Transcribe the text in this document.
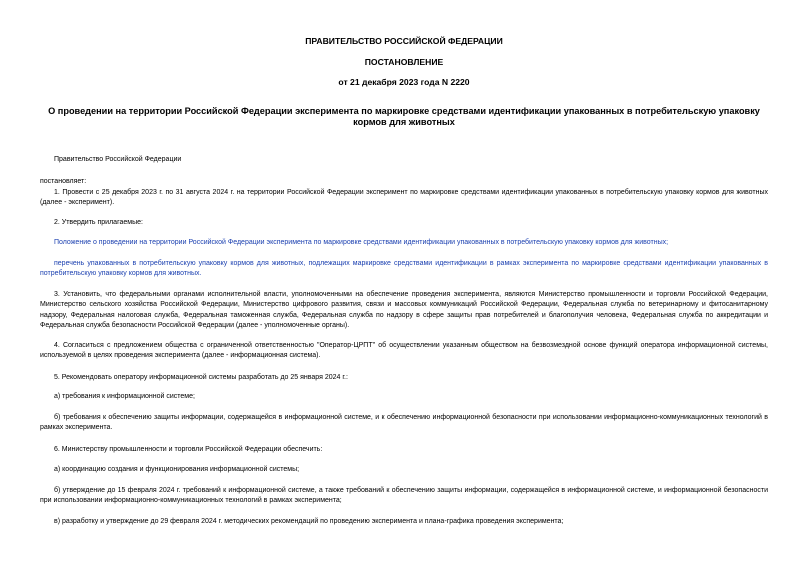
ПРАВИТЕЛЬСТВО РОССИЙСКОЙ ФЕДЕРАЦИИ
ПОСТАНОВЛЕНИЕ
от 21 декабря 2023 года N 2220
О проведении на территории Российской Федерации эксперимента по маркировке средствами идентификации упакованных в потребительскую упаковку кормов для животных

Правительство Российской Федерации

постановляет:

1. Провести с 25 декабря 2023 г. по 31 августа 2024 г. на территории Российской Федерации эксперимент по маркировке средствами идентификации упакованных в потребительскую упаковку кормов для животных (далее - эксперимент).

2. Утвердить прилагаемые:

Положение о проведении на территории Российской Федерации эксперимента по маркировке средствами идентификации упакованных в потребительскую упаковку кормов для животных;

перечень упакованных в потребительскую упаковку кормов для животных, подлежащих маркировке средствами идентификации в рамках эксперимента по маркировке средствами идентификации упакованных в потребительскую упаковку кормов для животных.

3. Установить, что федеральными органами исполнительной власти, уполномоченными на обеспечение проведения эксперимента, являются Министерство промышленности и торговли Российской Федерации, Министерство сельского хозяйства Российской Федерации, Министерство цифрового развития, связи и массовых коммуникаций Российской Федерации, Федеральная служба по ветеринарному и фитосанитарному надзору, Федеральная налоговая служба, Федеральная таможенная служба, Федеральная служба по надзору в сфере защиты прав потребителей и благополучия человека, Федеральная служба по аккредитации и Федеральная служба безопасности Российской Федерации (далее - уполномоченные органы).

4. Согласиться с предложением общества с ограниченной ответственностью "Оператор-ЦРПТ" об осуществлении указанным обществом на безвозмездной основе функций оператора информационной системы, используемой в целях проведения эксперимента (далее - информационная система).

5. Рекомендовать оператору информационной системы разработать до 25 января 2024 г.:

а) требования к информационной системе;

б) требования к обеспечению защиты информации, содержащейся в информационной системе, и к обеспечению информационной безопасности при использовании информационно-коммуникационных технологий в рамках эксперимента.

6. Министерству промышленности и торговли Российской Федерации обеспечить:

а) координацию создания и функционирования информационной системы;

б) утверждение до 15 февраля 2024 г. требований к информационной системе, а также требований к обеспечению защиты информации, содержащейся в информационной системе, и информационной безопасности при использовании информационно-коммуникационных технологий в рамках эксперимента;

в) разработку и утверждение до 29 февраля 2024 г. методических рекомендаций по проведению эксперимента и плана-графика проведения эксперимента;
